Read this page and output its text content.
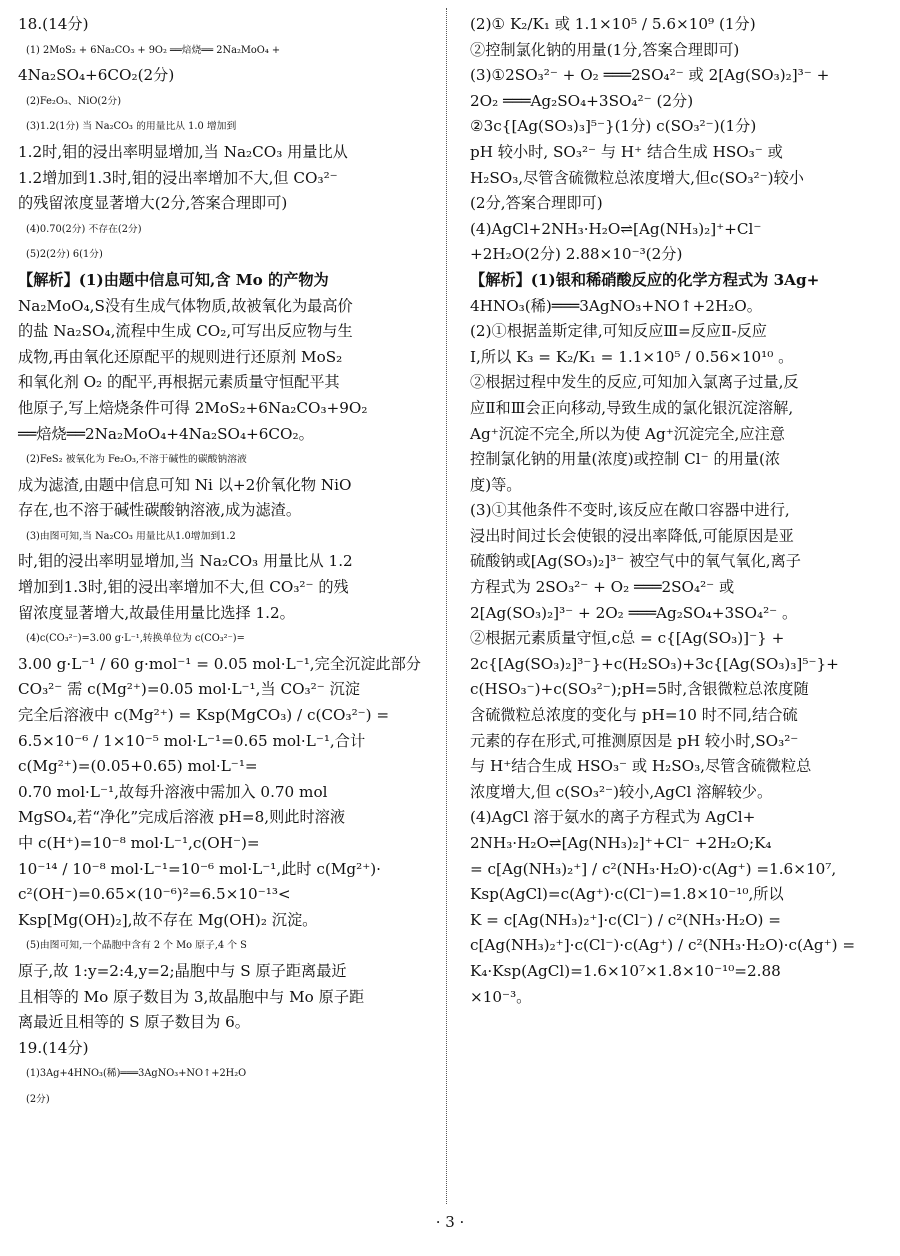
18.(14分)
(1) 2MoS₂ + 6Na₂CO₃ + 9O₂ ══焙烧══ 2Na₂MoO₄ +
4Na₂SO₄+6CO₂(2分)
(2)Fe₂O₃、NiO(2分)
(3)1.2(1分) 当 Na₂CO₃ 的用量比从 1.0 增加到
1.2时,钼的浸出率明显增加,当 Na₂CO₃ 用量比从
1.2增加到1.3时,钼的浸出率增加不大,但 CO₃²⁻
的残留浓度显著增大(2分,答案合理即可)
(4)0.70(2分) 不存在(2分)
(5)2(2分) 6(1分)
【解析】(1)由题中信息可知,含 Mo 的产物为
Na₂MoO₄,S没有生成气体物质,故被氧化为最高价
的盐 Na₂SO₄,流程中生成 CO₂,可写出反应物与生
成物,再由氧化还原配平的规则进行还原剂 MoS₂
和氧化剂 O₂ 的配平,再根据元素质量守恒配平其
他原子,写上焙烧条件可得 2MoS₂+6Na₂CO₃+9O₂
══焙烧══2Na₂MoO₄+4Na₂SO₄+6CO₂。
(2)FeS₂ 被氧化为 Fe₂O₃,不溶于碱性的碳酸钠溶液
成为滤渣,由题中信息可知 Ni 以+2价氧化物 NiO
存在,也不溶于碱性碳酸钠溶液,成为滤渣。
(3)由图可知,当 Na₂CO₃ 用量比从1.0增加到1.2
时,钼的浸出率明显增加,当 Na₂CO₃ 用量比从 1.2
增加到1.3时,钼的浸出率增加不大,但 CO₃²⁻ 的残
留浓度显著增大,故最佳用量比选择 1.2。
(4)c(CO₃²⁻)=3.00 g·L⁻¹,转换单位为 c(CO₃²⁻)=
3.00 g·L⁻¹ / 60 g·mol⁻¹ = 0.05 mol·L⁻¹,完全沉淀此部分
CO₃²⁻ 需 c(Mg²⁺)=0.05 mol·L⁻¹,当 CO₃²⁻ 沉淀
完全后溶液中 c(Mg²⁺) = Ksp(MgCO₃) / c(CO₃²⁻) =
6.5×10⁻⁶ / 1×10⁻⁵ mol·L⁻¹=0.65 mol·L⁻¹,合计
c(Mg²⁺)=(0.05+0.65) mol·L⁻¹=
0.70 mol·L⁻¹,故每升溶液中需加入 0.70 mol
MgSO₄,若“净化”完成后溶液 pH=8,则此时溶液
中 c(H⁺)=10⁻⁸ mol·L⁻¹,c(OH⁻)=
10⁻¹⁴ / 10⁻⁸ mol·L⁻¹=10⁻⁶ mol·L⁻¹,此时 c(Mg²⁺)·
c²(OH⁻)=0.65×(10⁻⁶)²=6.5×10⁻¹³<
Ksp[Mg(OH)₂],故不存在 Mg(OH)₂ 沉淀。
(5)由图可知,一个晶胞中含有 2 个 Mo 原子,4 个 S
原子,故 1:y=2:4,y=2;晶胞中与 S 原子距离最近
且相等的 Mo 原子数目为 3,故晶胞中与 Mo 原子距
离最近且相等的 S 原子数目为 6。
19.(14分)
(1)3Ag+4HNO₃(稀)═══3AgNO₃+NO↑+2H₂O
(2分)
(2)① K₂/K₁ 或 1.1×10⁵ / 5.6×10⁹ (1分)
②控制氯化钠的用量(1分,答案合理即可)
(3)①2SO₃²⁻ + O₂ ═══2SO₄²⁻ 或 2[Ag(SO₃)₂]³⁻ +
2O₂ ═══Ag₂SO₄+3SO₄²⁻ (2分)
②3c{[Ag(SO₃)₃]⁵⁻}(1分) c(SO₃²⁻)(1分)
pH 较小时, SO₃²⁻ 与 H⁺ 结合生成 HSO₃⁻ 或
H₂SO₃,尽管含硫微粒总浓度增大,但c(SO₃²⁻)较小
(2分,答案合理即可)
(4)AgCl+2NH₃·H₂O⇌[Ag(NH₃)₂]⁺+Cl⁻
+2H₂O(2分) 2.88×10⁻³(2分)
【解析】(1)银和稀硝酸反应的化学方程式为 3Ag+
4HNO₃(稀)═══3AgNO₃+NO↑+2H₂O。
(2)①根据盖斯定律,可知反应Ⅲ=反应Ⅱ-反应
Ⅰ,所以 K₃ = K₂/K₁ = 1.1×10⁵ / 0.56×10¹⁰ 。
②根据过程中发生的反应,可知加入氯离子过量,反
应Ⅱ和Ⅲ会正向移动,导致生成的氯化银沉淀溶解,
Ag⁺沉淀不完全,所以为使 Ag⁺沉淀完全,应注意
控制氯化钠的用量(浓度)或控制 Cl⁻ 的用量(浓
度)等。
(3)①其他条件不变时,该反应在敞口容器中进行,
浸出时间过长会使银的浸出率降低,可能原因是亚
硫酸钠或[Ag(SO₃)₂]³⁻ 被空气中的氧气氧化,离子
方程式为 2SO₃²⁻ + O₂ ═══2SO₄²⁻ 或
2[Ag(SO₃)₂]³⁻ + 2O₂ ═══Ag₂SO₄+3SO₄²⁻ 。
②根据元素质量守恒,c总 = c{[Ag(SO₃)]⁻} +
2c{[Ag(SO₃)₂]³⁻}+c(H₂SO₃)+3c{[Ag(SO₃)₃]⁵⁻}+
c(HSO₃⁻)+c(SO₃²⁻);pH=5时,含银微粒总浓度随
含硫微粒总浓度的变化与 pH=10 时不同,结合硫
元素的存在形式,可推测原因是 pH 较小时,SO₃²⁻
与 H⁺结合生成 HSO₃⁻ 或 H₂SO₃,尽管含硫微粒总
浓度增大,但 c(SO₃²⁻)较小,AgCl 溶解较少。
(4)AgCl 溶于氨水的离子方程式为 AgCl+
2NH₃·H₂O⇌[Ag(NH₃)₂]⁺+Cl⁻ +2H₂O;K₄
= c[Ag(NH₃)₂⁺] / c²(NH₃·H₂O)·c(Ag⁺) =1.6×10⁷,
Ksp(AgCl)=c(Ag⁺)·c(Cl⁻)=1.8×10⁻¹⁰,所以
K = c[Ag(NH₃)₂⁺]·c(Cl⁻) / c²(NH₃·H₂O) =
c[Ag(NH₃)₂⁺]·c(Cl⁻)·c(Ag⁺) / c²(NH₃·H₂O)·c(Ag⁺) =
K₄·Ksp(AgCl)=1.6×10⁷×1.8×10⁻¹⁰=2.88
×10⁻³。
· 3 ·
